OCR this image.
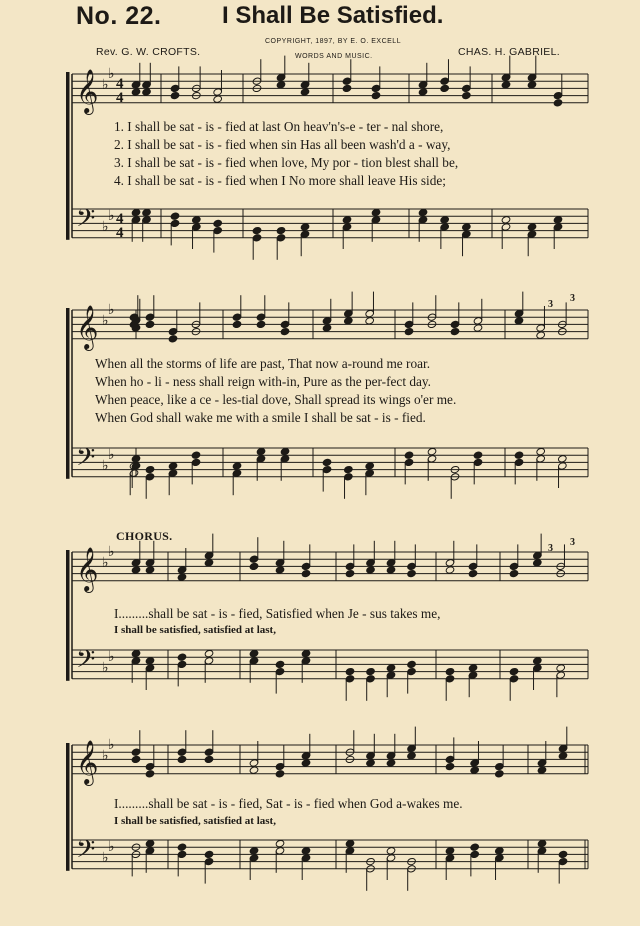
No. 22.	I Shall Be Satisfied.
COPYRIGHT, 1897, BY E. O. EXCELL
WORDS AND MUSIC.
Rev. G. W. CROFTS.	CHAS. H. GABRIEL.
𝄞
𝄢
♭
♭
♭
♭
4
4
4
4
𝄞
𝄢
♭
♭
♭
♭
𝄞
𝄢
♭
♭
♭
♭
𝄞
𝄢
♭
♭
♭
♭
3
3
3
3
1. I shall be sat - is - fied at last On heav'n's-e - ter - nal shore,
2. I shall be sat - is - fied when sin Has all been wash'd a - way,
3. I shall be sat - is - fied when love, My por - tion blest shall be,
4. I shall be sat - is - fied when I No more shall leave His side;
When all the storms of life are past, That now a-round me roar.
When ho - li - ness shall reign with-in, Pure as the per-fect day.
When peace, like a ce - les-tial dove, Shall spread its wings o'er me.
When God shall wake me with a smile I shall be sat - is - fied.
CHORUS.
I.........shall be sat - is - fied, Satisfied when Je - sus takes me,
I shall be satisfied, satisfied at last,
I.........shall be sat - is - fied, Sat - is - fied when God a-wakes me.
I shall be satisfied, satisfied at last,
